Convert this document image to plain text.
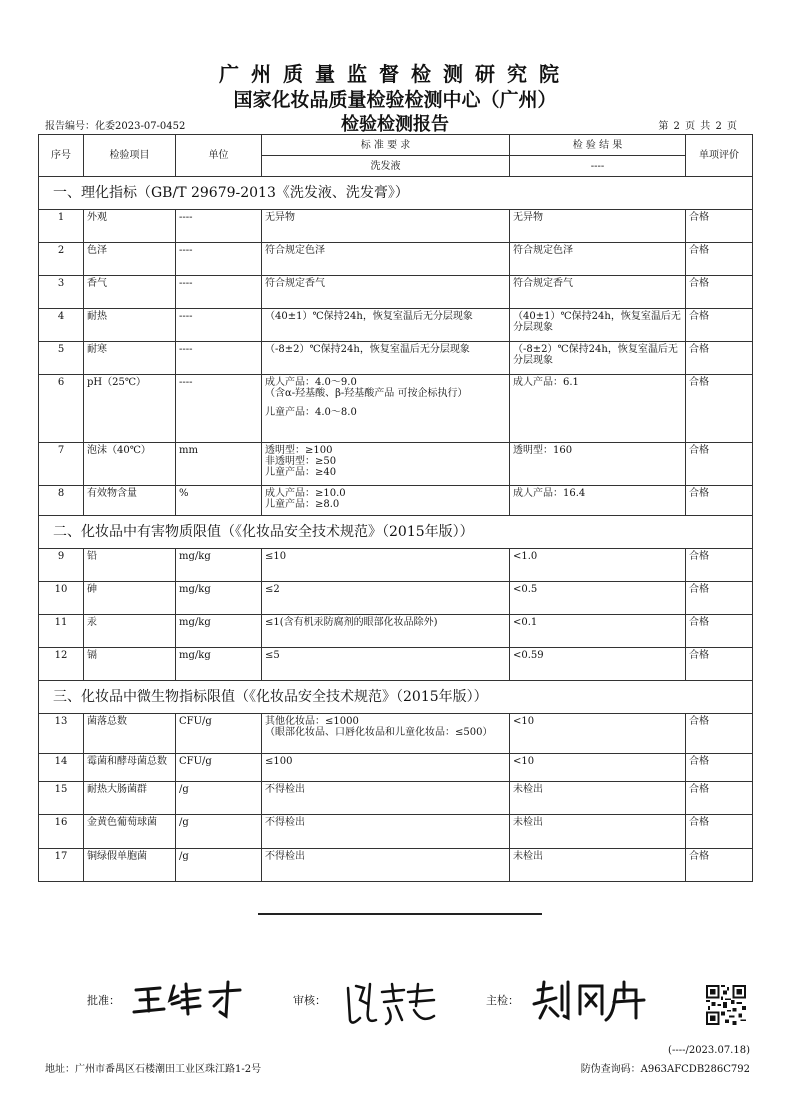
广州质量监督检测研究院
国家化妆品质量检验检测中心（广州）
检验检测报告
报告编号：化委2023-07-0452	第 2 页 共 2 页
序号	检验项目	单位	标 准 要 求	检 验 结 果	单项评价
			洗发液	----	
一、理化指标（GB/T 29679-2013《洗发液、洗发膏》）					
1	外观	----	无异物	无异物	合格
2	色泽	----	符合规定色泽	符合规定色泽	合格
3	香气	----	符合规定香气	符合规定香气	合格
4	耐热	----	（40±1）℃保持24h，恢复室温后无分层现象	（40±1）℃保持24h，恢复室温后无分层现象	合格
5	耐寒	----	（-8±2）℃保持24h，恢复室温后无分层现象	（-8±2）℃保持24h，恢复室温后无分层现象	合格
6	pH（25℃）	----	成人产品：4.0～9.0
（含α-羟基酸、β-羟基酸产品 可按企标执行）
儿童产品：4.0～8.0	成人产品：6.1	合格
7	泡沫（40℃）	mm	透明型：≥100
非透明型：≥50
儿童产品：≥40	透明型：160	合格
8	有效物含量	%	成人产品：≥10.0
儿童产品：≥8.0	成人产品：16.4	合格
二、化妆品中有害物质限值（《化妆品安全技术规范》（2015年版））					
9	铅	mg/kg	≤10	<1.0	合格
10	砷	mg/kg	≤2	<0.5	合格
11	汞	mg/kg	≤1(含有机汞防腐剂的眼部化妆品除外)	<0.1	合格
12	镉	mg/kg	≤5	<0.59	合格
三、化妆品中微生物指标限值（《化妆品安全技术规范》（2015年版））					
13	菌落总数	CFU/g	其他化妆品：≤1000
（眼部化妆品、口唇化妆品和儿童化妆品：≤500）	<10	合格
14	霉菌和酵母菌总数	CFU/g	≤100	<10	合格
15	耐热大肠菌群	/g	不得检出	未检出	合格
16	金黄色葡萄球菌	/g	不得检出	未检出	合格
17	铜绿假单胞菌	/g	不得检出	未检出	合格
批准：	审核：	主检：
(----/2023.07.18)
地址：广州市番禺区石楼潮田工业区珠江路1-2号	防伪查询码：A963AFCDB286C792
